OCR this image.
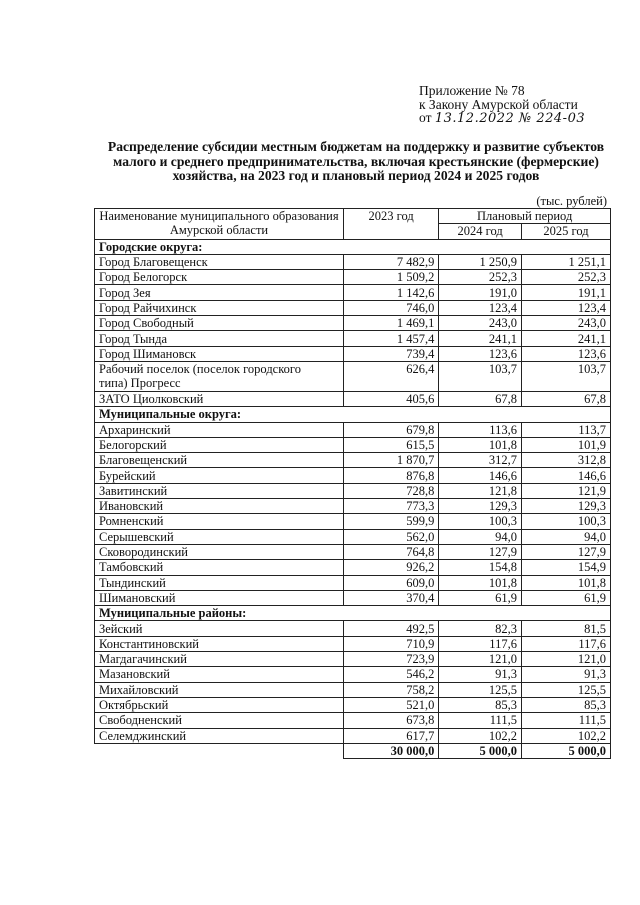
Приложение № 78
к Закону Амурской области
от 13.12.2022 № 224-03
Распределение субсидии местным бюджетам на поддержку и развитие субъектов малого и среднего предпринимательства, включая крестьянские (фермерские) хозяйства, на 2023 год и плановый период 2024 и 2025 годов
(тыс. рублей)
Наименование муниципального образования Амурской области	2023 год	Плановый период	
		2024 год	2025 год
Городские округа:			
Город Благовещенск	7 482,9	1 250,9	1 251,1
Город Белогорск	1 509,2	252,3	252,3
Город Зея	1 142,6	191,0	191,1
Город Райчихинск	746,0	123,4	123,4
Город Свободный	1 469,1	243,0	243,0
Город Тында	1 457,4	241,1	241,1
Город Шимановск	739,4	123,6	123,6

Рабочий поселок (поселок городского
типа) Прогресс	626,4	103,7	103,7
ЗАТО Циолковский	405,6	67,8	67,8
Муниципальные округа:			
Архаринский	679,8	113,6	113,7
Белогорский	615,5	101,8	101,9
Благовещенский	1 870,7	312,7	312,8
Бурейский	876,8	146,6	146,6
Завитинский	728,8	121,8	121,9
Ивановский	773,3	129,3	129,3
Ромненский	599,9	100,3	100,3
Серышевский	562,0	94,0	94,0
Сковородинский	764,8	127,9	127,9
Тамбовский	926,2	154,8	154,9
Тындинский	609,0	101,8	101,8
Шимановский	370,4	61,9	61,9
Муниципальные районы:			
Зейский	492,5	82,3	81,5
Константиновский	710,9	117,6	117,6
Магдагачинский	723,9	121,0	121,0
Мазановский	546,2	91,3	91,3
Михайловский	758,2	125,5	125,5
Октябрьский	521,0	85,3	85,3
Свободненский	673,8	111,5	111,5
Селемджинский	617,7	102,2	102,2
	30 000,0	5 000,0	5 000,0
